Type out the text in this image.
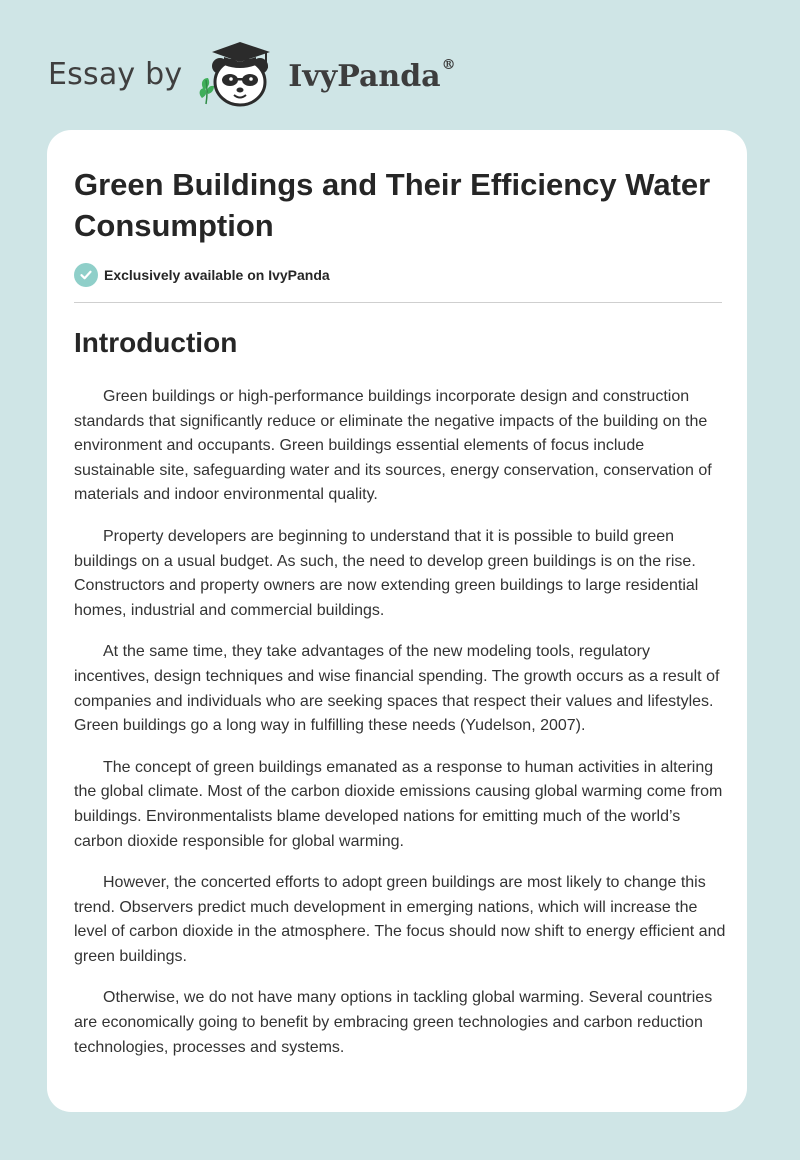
Essay by	IvyPanda®
Green Buildings and Their Efficiency Water Consumption
Exclusively available on IvyPanda
Introduction

Green buildings or high-performance buildings incorporate design and construction standards that significantly reduce or eliminate the negative impacts of the building on the environment and occupants. Green buildings essential elements of focus include sustainable site, safeguarding water and its sources, energy conservation, conservation of materials and indoor environmental quality.

Property developers are beginning to understand that it is possible to build green buildings on a usual budget. As such, the need to develop green buildings is on the rise. Constructors and property owners are now extending green buildings to large residential homes, industrial and commercial buildings.

At the same time, they take advantages of the new modeling tools, regulatory incentives, design techniques and wise financial spending. The growth occurs as a result of companies and individuals who are seeking spaces that respect their values and lifestyles. Green buildings go a long way in fulfilling these needs (Yudelson, 2007).

The concept of green buildings emanated as a response to human activities in altering the global climate. Most of the carbon dioxide emissions causing global warming come from buildings. Environmentalists blame developed nations for emitting much of the world’s carbon dioxide responsible for global warming.

However, the concerted efforts to adopt green buildings are most likely to change this trend. Observers predict much development in emerging nations, which will increase the level of carbon dioxide in the atmosphere. The focus should now shift to energy efficient and green buildings.

Otherwise, we do not have many options in tackling global warming. Several countries are economically going to benefit by embracing green technologies and carbon reduction technologies, processes and systems.
